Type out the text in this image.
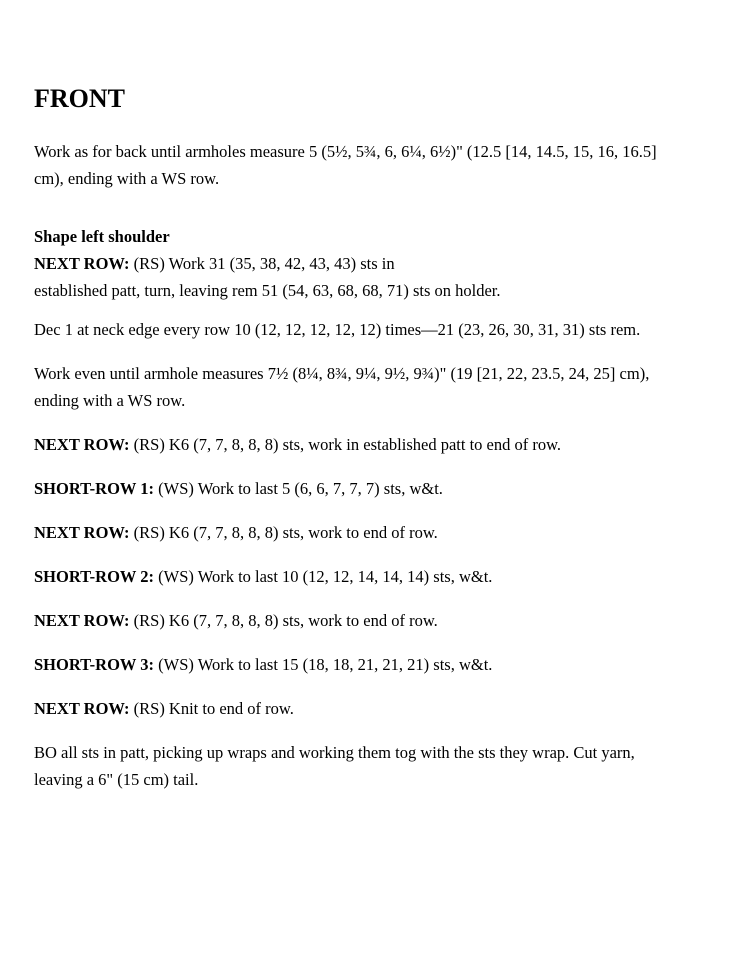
FRONT

Work as for back until armholes measure 5 (5½, 5¾, 6, 6¼, 6½)" (12.5 [14, 14.5, 15, 16, 16.5]
cm), ending with a WS row.

Shape left shoulder
NEXT ROW: (RS) Work 31 (35, 38, 42, 43, 43) sts in
established patt, turn, leaving rem 51 (54, 63, 68, 68, 71) sts on holder.

Dec 1 at neck edge every row 10 (12, 12, 12, 12, 12) times—21 (23, 26, 30, 31, 31) sts rem.

Work even until armhole measures 7½ (8¼, 8¾, 9¼, 9½, 9¾)" (19 [21, 22, 23.5, 24, 25] cm),
ending with a WS row.

NEXT ROW: (RS) K6 (7, 7, 8, 8, 8) sts, work in established patt to end of row.

SHORT-ROW 1: (WS) Work to last 5 (6, 6, 7, 7, 7) sts, w&t.

NEXT ROW: (RS) K6 (7, 7, 8, 8, 8) sts, work to end of row.

SHORT-ROW 2: (WS) Work to last 10 (12, 12, 14, 14, 14) sts, w&t.

NEXT ROW: (RS) K6 (7, 7, 8, 8, 8) sts, work to end of row.

SHORT-ROW 3: (WS) Work to last 15 (18, 18, 21, 21, 21) sts, w&t.

NEXT ROW: (RS) Knit to end of row.

BO all sts in patt, picking up wraps and working them tog with the sts they wrap. Cut yarn,
leaving a 6" (15 cm) tail.
